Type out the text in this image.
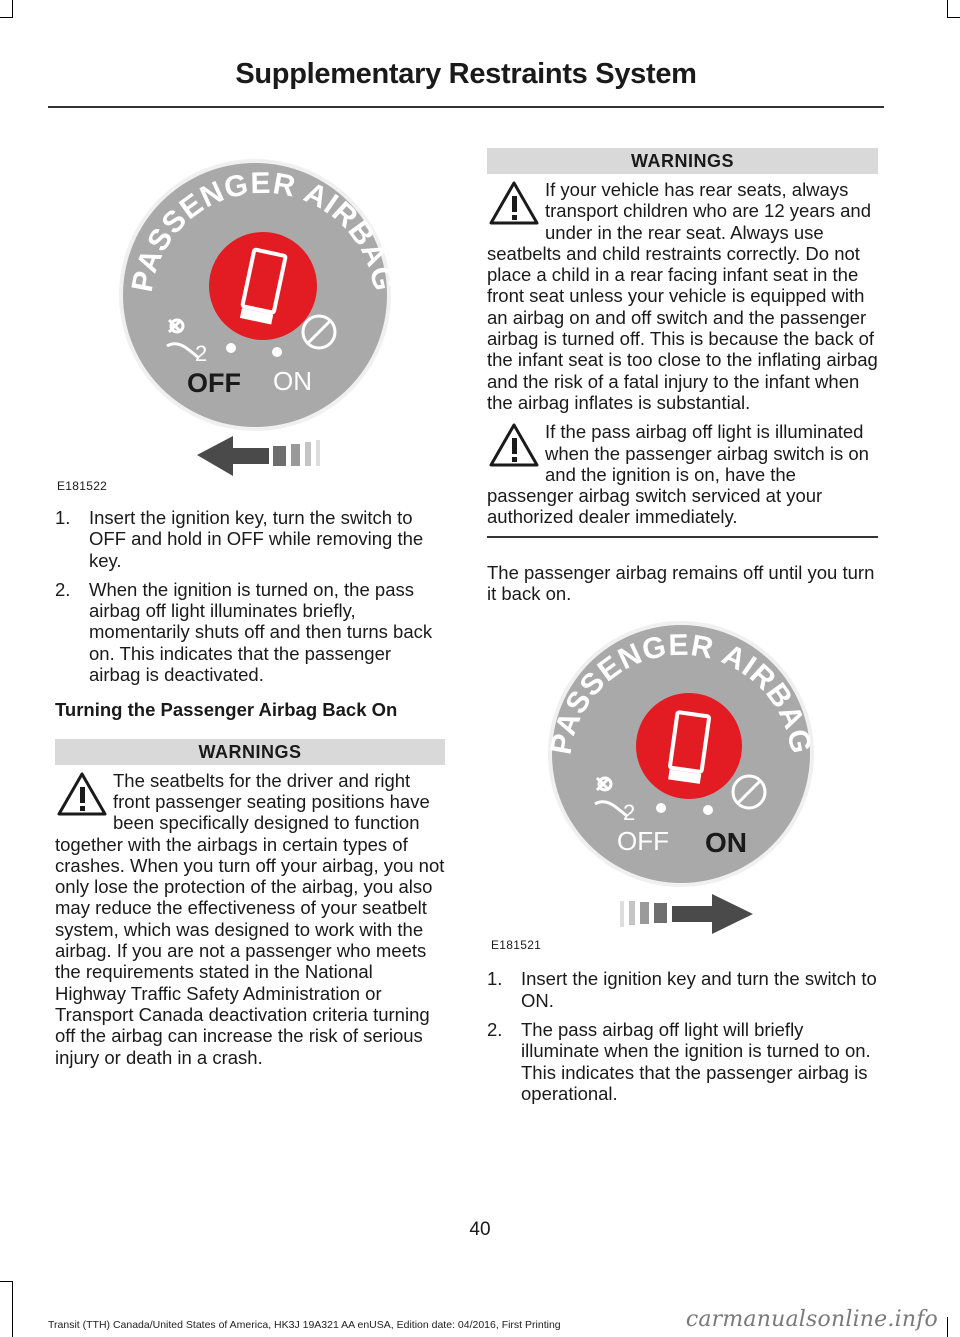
Supplementary Restraints System
PASSENGER AIRBAG
2
OFF ON
E181522
1. Insert the ignition key, turn the switch to OFF and hold in OFF while removing the key.
2. When the ignition is turned on, the pass airbag off light illuminates briefly, momentarily shuts off and then turns back on. This indicates that the passenger airbag is deactivated.
Turning the Passenger Airbag Back On
WARNINGS
The seatbelts for the driver and right front passenger seating positions have been specifically designed to function together with the airbags in certain types of crashes. When you turn off your airbag, you not only lose the protection of the airbag, you also may reduce the effectiveness of your seatbelt system, which was designed to work with the airbag. If you are not a passenger who meets the requirements stated in the National Highway Traffic Safety Administration or Transport Canada deactivation criteria turning off the airbag can increase the risk of serious injury or death in a crash.
WARNINGS
If your vehicle has rear seats, always transport children who are 12 years and under in the rear seat. Always use seatbelts and child restraints correctly. Do not place a child in a rear facing infant seat in the front seat unless your vehicle is equipped with an airbag on and off switch and the passenger airbag is turned off. This is because the back of the infant seat is too close to the inflating airbag and the risk of a fatal injury to the infant when the airbag inflates is substantial.
If the pass airbag off light is illuminated when the passenger airbag switch is on and the ignition is on, have the passenger airbag switch serviced at your authorized dealer immediately.

The passenger airbag remains off until you turn it back on.

PASSENGER AIRBAG
2
OFF ON
E181521
1. Insert the ignition key and turn the switch to ON.
2. The pass airbag off light will briefly illuminate when the ignition is turned to on. This indicates that the passenger airbag is operational.
40
Transit (TTH) Canada/United States of America, HK3J 19A321 AA enUSA, Edition date: 04/2016, First Printing	carmanualsonline.info
